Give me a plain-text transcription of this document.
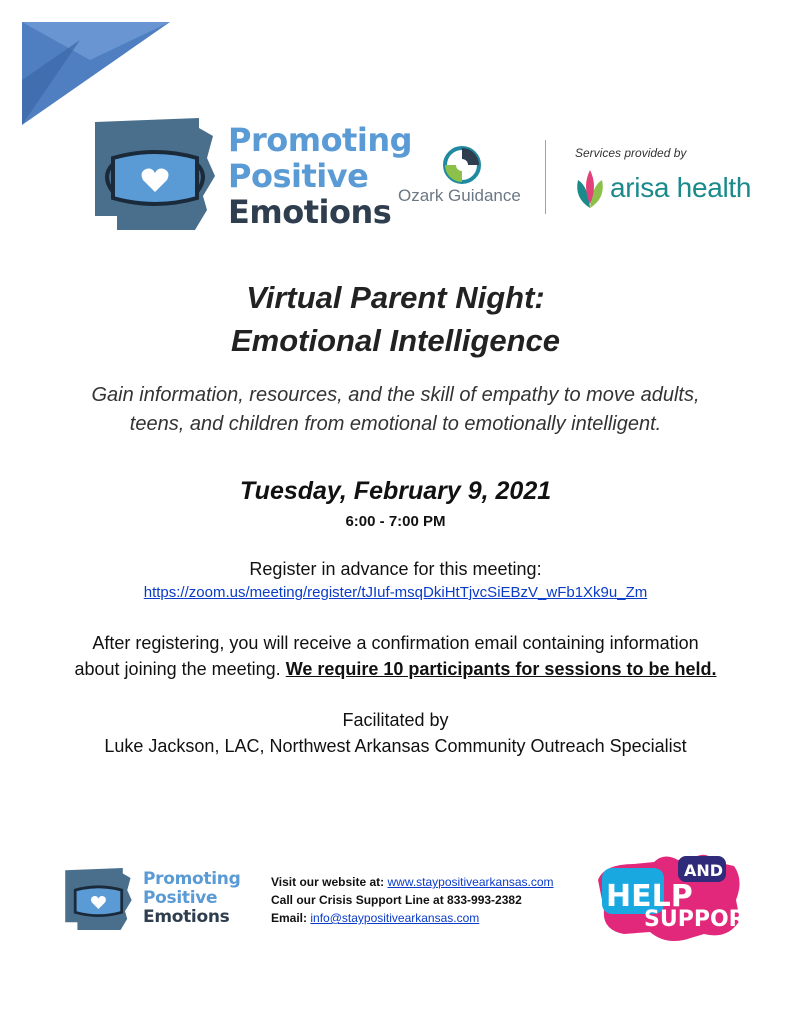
Promoting
Positive
Emotions Ozark Guidance
Services provided by
arisa health
Virtual Parent Night:
Emotional Intelligence
Gain information, resources, and the skill of empathy to move adults,
teens, and children from emotional to emotionally intelligent.
Tuesday, February 9, 2021
6:00 - 7:00 PM
Register in advance for this meeting:
https://zoom.us/meeting/register/tJIuf-msqDkiHtTjvcSiEBzV_wFb1Xk9u_Zm
After registering, you will receive a confirmation email containing information
about joining the meeting. We require 10 participants for sessions to be held.
Facilitated by
Luke Jackson, LAC, Northwest Arkansas Community Outreach Specialist
Promoting
Positive
Emotions
Visit our website at: www.staypositivearkansas.com
Call our Crisis Support Line at 833-993-2382
Email: info@staypositivearkansas.com
HELP
AND
SUPPORT
